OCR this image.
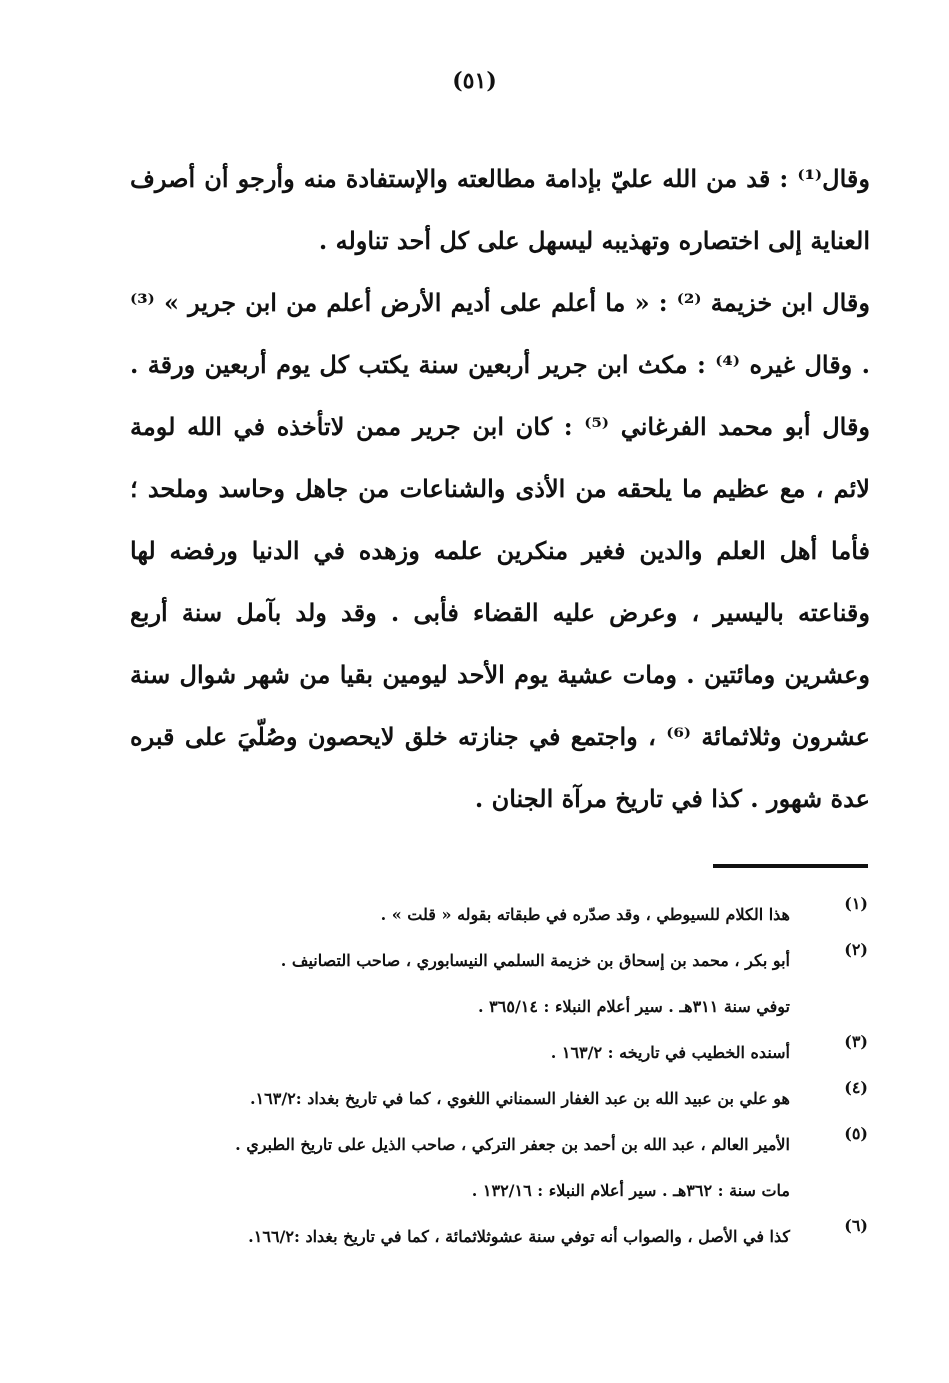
(٥١)

وقال⁽¹⁾ : قد من الله عليّ بإدامة مطالعته والإستفادة منه وأرجو أن أصرف العناية إلى اختصاره وتهذيبه ليسهل على كل أحد تناوله .

وقال ابن خزيمة ⁽²⁾ : « ما أعلم على أديم الأرض أعلم من ابن جرير » ⁽³⁾ . وقال غيره ⁽⁴⁾ : مكث ابن جرير أربعين سنة يكتب كل يوم أربعين ورقة . وقال أبو محمد الفرغاني ⁽⁵⁾ : كان ابن جرير ممن لاتأخذه في الله لومة لائم ، مع عظيم ما يلحقه من الأذى والشناعات من جاهل وحاسد وملحد ؛ فأما أهل العلم والدين فغير منكرين علمه وزهده في الدنيا ورفضه لها وقناعته باليسير ، وعرض عليه القضاء فأبى . وقد ولد بآمل سنة أربع وعشرين ومائتين . ومات عشية يوم الأحد ليومين بقيا من شهر شوال سنة عشرون وثلاثمائة ⁽⁶⁾ ، واجتمع في جنازته خلق لايحصون وصُلّيَ على قبره عدة شهور . كذا في تاريخ مرآة الجنان .

(١)
هذا الكلام للسيوطي ، وقد صدّره في طبقاته بقوله « قلت » .
(٢)
أبو بكر ، محمد بن إسحاق بن خزيمة السلمي النيسابوري ، صاحب التصانيف .
توفي سنة ٣١١هـ . سير أعلام النبلاء : ٣٦٥/١٤ .
(٣)
أسنده الخطيب في تاريخه : ١٦٣/٢ .
(٤)
هو علي بن عبيد الله بن عبد الغفار السمناني اللغوي ، كما في تاريخ بغداد :١٦٣/٢.
(٥)
الأمير العالم ، عبد الله بن أحمد بن جعفر التركي ، صاحب الذيل على تاريخ الطبري .
مات سنة : ٣٦٢هـ . سير أعلام النبلاء : ١٣٢/١٦ .
(٦)
كذا في الأصل ، والصواب أنه توفي سنة عشوثلاثمائة ، كما في تاريخ بغداد :١٦٦/٢.
